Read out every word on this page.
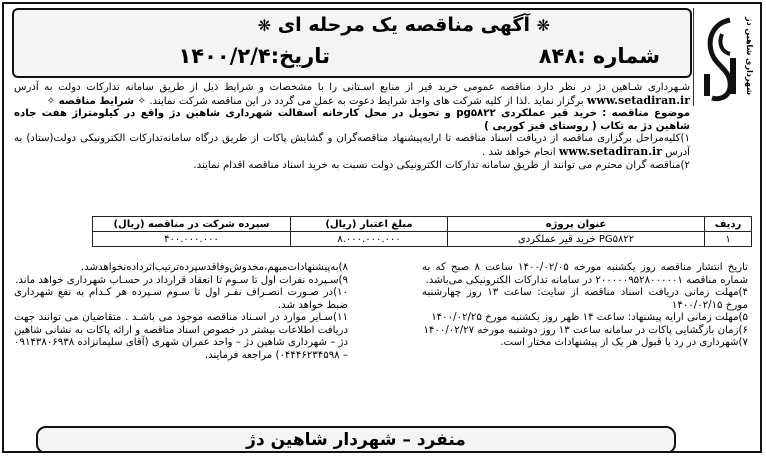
شهرداری شاهین دژ
❋ آگهی مناقصه یک مرحله ای ❋
شماره :۸۴۸
تاریخ:۱۴۰۰/۲/۴

شـهرداری شـاهین دژ در نظر دارد مناقصه عمومی خرید قیر از منابع اسـتانی را با مشخصات و شرایط ذیل از طریق سامانه تدارکات دولت به آدرس www.setadiran.ir برگزار نماید .لذا از کلیه شرکت های واجد شرایط دعوت به عمل می گردد در این مناقصه شرکت نمایند. ✧ شرایط مناقصه ✧

موضوع مناقصه : خرید قیر عملکردی pg۵۸۲۲ و تحویل در محل کارخانه آسفالت شهرداری شاهین دژ واقع در کیلومتراژ هفت جاده شاهین دژ به تکاب ( روستای قیز کورپی )

۱)کلیه‌مراحل برگزاری مناقصه از دریافت اسناد مناقصه تا ارایه‌پیشنهاد مناقصه‌گران و گشایش پاکات از طریق درگاه سامانه‌تدارکات الکترونیکی دولت(ستاد) به آدرس www.setadiran.ir انجام خواهد شد .

۲)مناقصه گران محترم می توانند از طریق سامانه تدارکات الکترونیکی دولت نسبت به خرید اسناد مناقصه اقدام نمایند.

ردیف	عنوان پروژه	مبلغ اعتبار (ریال)	سپرده شرکت در مناقصه (ریال)
۱	PG۵۸۲۲ خرید قیر عملکردی	۸.۰۰۰.۰۰۰.۰۰۰	۴۰۰.۰۰۰.۰۰۰

تاریخ انتشار مناقصه روز یکشنبه مورخه ۱۴۰۰/۰۲/۰۵ ساعت ۸ صبح که به شماره مناقصه ۲۰۰۰۰۰۹۵۲۸۰۰۰۰۰۱ در سامانه تدارکات الکترونیکی می‌باشد.

۴)مهلت زمانی دریافت اسناد مناقصه از سایت: ساعت ۱۳ روز چهارشنبه مورخ ۱۴۰۰/۰۲/۱۵

۵)مهلت زمانی ارایه پیشنهاد: ساعت ۱۴ ظهر روز یکشنبه مورخ ۱۴۰۰/۰۲/۲۵

۶)زمان بازگشایی پاکات در سامانه ساعت ۱۳ روز دوشنبه مورخه ۱۴۰۰/۰۲/۲۷

۷)شهرداری در رد یا قبول هر یک از پیشنهادات مختار است.

۸)به‌پیشنهادات‌مبهم،مخدوش‌وفاقدسپرده‌ترتیب‌اثرداده‌نخواهدشد.

۹)سـپرده نفرات اول تا سـوم تا انعقاد قرارداد در حسـاب شهرداری خواهد ماند.

۱۰)در صـورت انصـراف نفـر اول تا سـوم سـپرده هر کـدام به نفع شهرداری ضبط خواهد شد.

۱۱)سـایر موارد در اسـناد مناقصه موجود می باشـد . متقاضیان می توانند جهت دریافت اطلاعات بیشتر در خصوص اسناد مناقصه و ارائه پاکات به نشانی شاهین دژ – شهرداری شاهین دژ – واحد عمران شهری (آقای سلیمانزاده ۰۹۱۴۳۸۰۶۹۳۸ – ۰۴۴۴۶۲۳۴۵۹۸) مراجعه فرمایند.

منفرد – شهردار شاهین دژ
